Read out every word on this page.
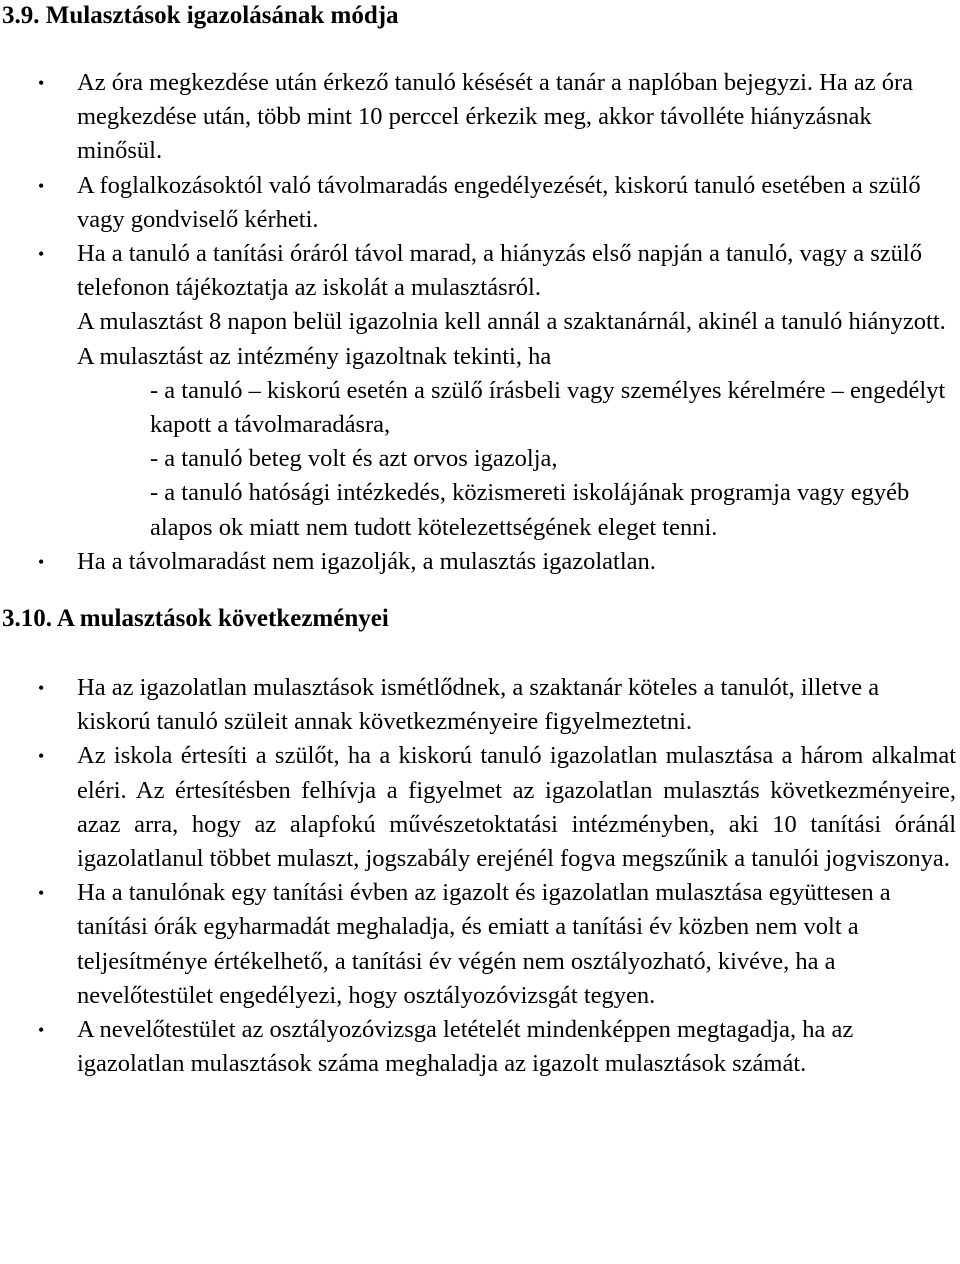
3.9. Mulasztások igazolásának módja
• Az óra megkezdése után érkező tanuló késését a tanár a naplóban bejegyzi. Ha az óra megkezdése után, több mint 10 perccel érkezik meg, akkor távolléte hiányzásnak minősül.

• A foglalkozásoktól való távolmaradás engedélyezését, kiskorú tanuló esetében a szülő vagy gondviselő kérheti.

• Ha a tanuló a tanítási óráról távol marad, a hiányzás első napján a tanuló, vagy a szülő telefonon tájékoztatja az iskolát a mulasztásról.

A mulasztást 8 napon belül igazolnia kell annál a szaktanárnál, akinél a tanuló hiányzott.

A mulasztást az intézmény igazoltnak tekinti, ha

- a tanuló – kiskorú esetén a szülő írásbeli vagy személyes kérelmére – engedélyt kapott a távolmaradásra,

- a tanuló beteg volt és azt orvos igazolja,

- a tanuló hatósági intézkedés, közismereti iskolájának programja vagy egyéb alapos ok miatt nem tudott kötelezettségének eleget tenni.

• Ha a távolmaradást nem igazolják, a mulasztás igazolatlan.

3.10. A mulasztások következményei
• Ha az igazolatlan mulasztások ismétlődnek, a szaktanár köteles a tanulót, illetve a kiskorú tanuló szüleit annak következményeire figyelmeztetni.

• Az iskola értesíti a szülőt, ha a kiskorú tanuló igazolatlan mulasztása a három alkalmat eléri. Az értesítésben felhívja a figyelmet az igazolatlan mulasztás következményeire, azaz arra, hogy az alapfokú művészetoktatási intézményben, aki 10 tanítási óránál igazolatlanul többet mulaszt, jogszabály erejénél fogva megszűnik a tanulói jogviszonya.

• Ha a tanulónak egy tanítási évben az igazolt és igazolatlan mulasztása együttesen a tanítási órák egyharmadát meghaladja, és emiatt a tanítási év közben nem volt a teljesítménye értékelhető, a tanítási év végén nem osztályozható, kivéve, ha a nevelőtestület engedélyezi, hogy osztályozóvizsgát tegyen.

• A nevelőtestület az osztályozóvizsga letételét mindenképpen megtagadja, ha az igazolatlan mulasztások száma meghaladja az igazolt mulasztások számát.
